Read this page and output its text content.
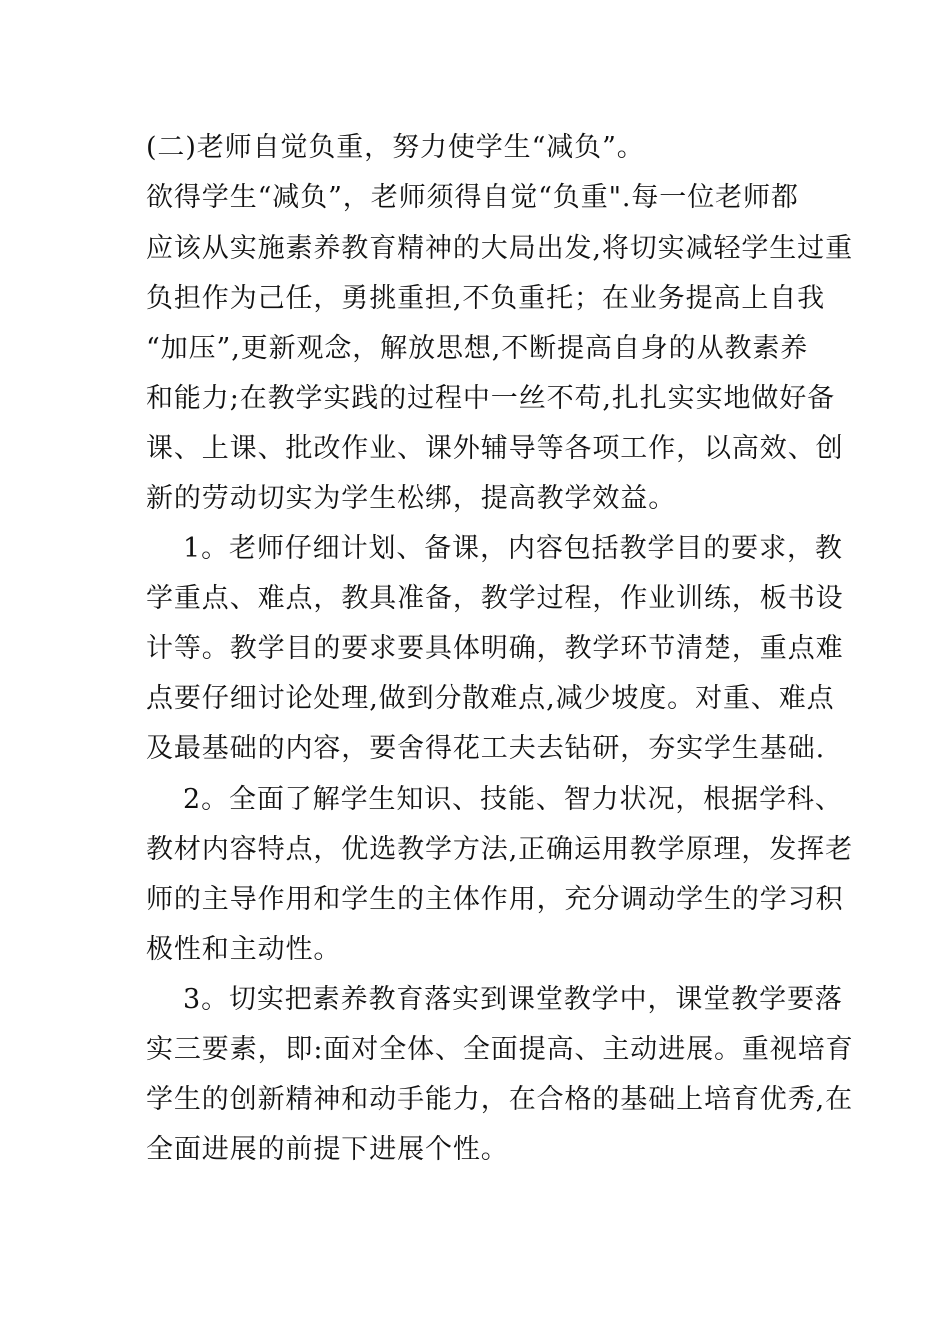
(二)老师自觉负重，努力使学生“减负”。
欲得学生“减负”，老师须得自觉“负重".每一位老师都
应该从实施素养教育精神的大局出发,将切实减轻学生过重
负担作为己任，勇挑重担,不负重托；在业务提高上自我
“加压”,更新观念，解放思想,不断提高自身的从教素养
和能力;在教学实践的过程中一丝不苟,扎扎实实地做好备
课、上课、批改作业、课外辅导等各项工作，以高效、创
新的劳动切实为学生松绑，提高教学效益。
1。老师仔细计划、备课，内容包括教学目的要求，教
学重点、难点，教具准备，教学过程，作业训练，板书设
计等。教学目的要求要具体明确，教学环节清楚，重点难
点要仔细讨论处理,做到分散难点,减少坡度。对重、难点
及最基础的内容，要舍得花工夫去钻研，夯实学生基础.
2。全面了解学生知识、技能、智力状况，根据学科、
教材内容特点，优选教学方法,正确运用教学原理，发挥老
师的主导作用和学生的主体作用，充分调动学生的学习积
极性和主动性。
3。切实把素养教育落实到课堂教学中，课堂教学要落
实三要素，即:面对全体、全面提高、主动进展。重视培育
学生的创新精神和动手能力，在合格的基础上培育优秀,在
全面进展的前提下进展个性。
